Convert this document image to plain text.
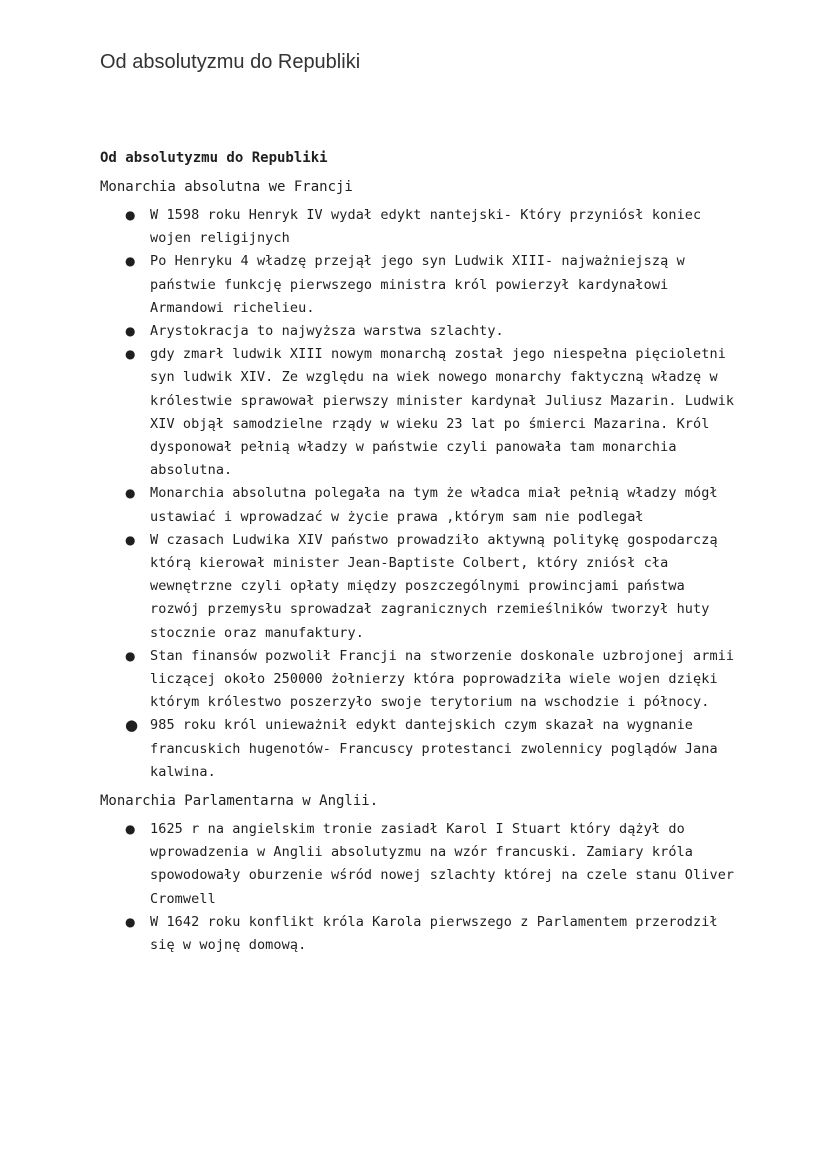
Od absolutyzmu do Republiki

Od absolutyzmu do Republiki

Monarchia absolutna we Francji

● W 1598 roku Henryk IV wydał edykt nantejski- Który przyniósł koniec wojen religijnych
● Po Henryku 4 władzę przejął jego syn Ludwik XIII- najważniejszą w państwie funkcję pierwszego ministra król powierzył kardynałowi Armandowi richelieu.
● Arystokracja to najwyższa warstwa szlachty.
● gdy zmarł ludwik XIII nowym monarchą został jego niespełna pięcioletni syn ludwik XIV. Ze względu na wiek nowego monarchy faktyczną władzę w królestwie sprawował pierwszy minister kardynał Juliusz Mazarin. Ludwik XIV objął samodzielne rządy w wieku 23 lat po śmierci Mazarina. Król dysponował pełnią władzy w państwie czyli panowała tam monarchia absolutna.
● Monarchia absolutna polegała na tym że władca miał pełnią władzy mógł ustawiać i wprowadzać w życie prawa ,którym sam nie podlegał
● W czasach Ludwika XIV państwo prowadziło aktywną politykę gospodarczą którą kierował minister Jean-Baptiste Colbert, który zniósł cła wewnętrzne czyli opłaty między poszczególnymi prowincjami państwa rozwój przemysłu sprowadzał zagranicznych rzemieślników tworzył huty stocznie oraz manufaktury.
● Stan finansów pozwolił Francji na stworzenie doskonale uzbrojonej armii liczącej około 250000 żołnierzy która poprowadziła wiele wojen dzięki którym królestwo poszerzyło swoje terytorium na wschodzie i północy.
● 985 roku król unieważnił edykt dantejskich czym skazał na wygnanie francuskich hugenotów- Francuscy protestanci zwolennicy poglądów Jana kalwina.

Monarchia Parlamentarna w Anglii.

● 1625 r na angielskim tronie zasiadł Karol I Stuart który dążył do wprowadzenia w Anglii absolutyzmu na wzór francuski. Zamiary króla spowodowały oburzenie wśród nowej szlachty której na czele stanu Oliver Cromwell
● W 1642 roku konflikt króla Karola pierwszego z Parlamentem przerodził się w wojnę domową.
